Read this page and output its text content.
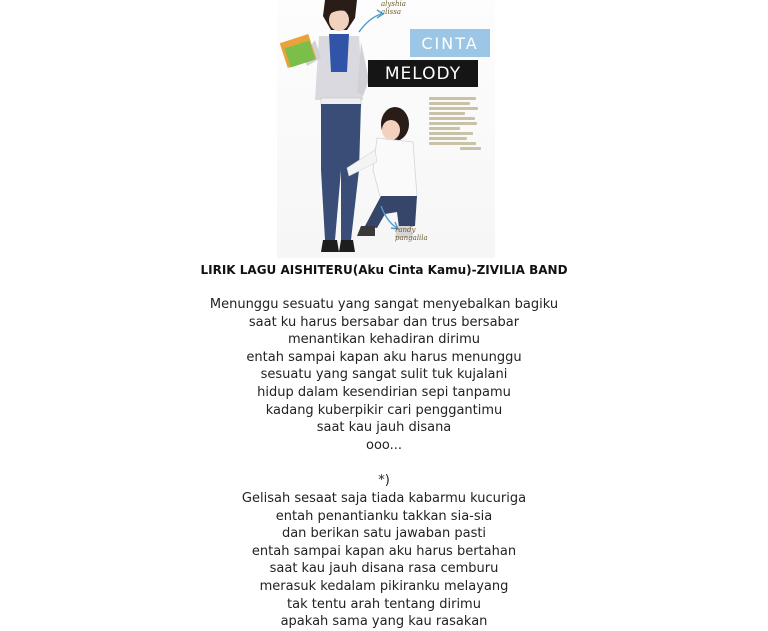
alyshia
alissa
CINTA
MELODY
randy
pangalila
LIRIK LAGU AISHITERU(Aku Cinta Kamu)-ZIVILIA BAND
Menunggu sesuatu yang sangat menyebalkan bagiku
saat ku harus bersabar dan trus bersabar
menantikan kehadiran dirimu
entah sampai kapan aku harus menunggu
sesuatu yang sangat sulit tuk kujalani
hidup dalam kesendirian sepi tanpamu
kadang kuberpikir cari penggantimu
saat kau jauh disana
ooo...
*)
Gelisah sesaat saja tiada kabarmu kucuriga
entah penantianku takkan sia-sia
dan berikan satu jawaban pasti
entah sampai kapan aku harus bertahan
saat kau jauh disana rasa cemburu
merasuk kedalam pikiranku melayang
tak tentu arah tentang dirimu
apakah sama yang kau rasakan
